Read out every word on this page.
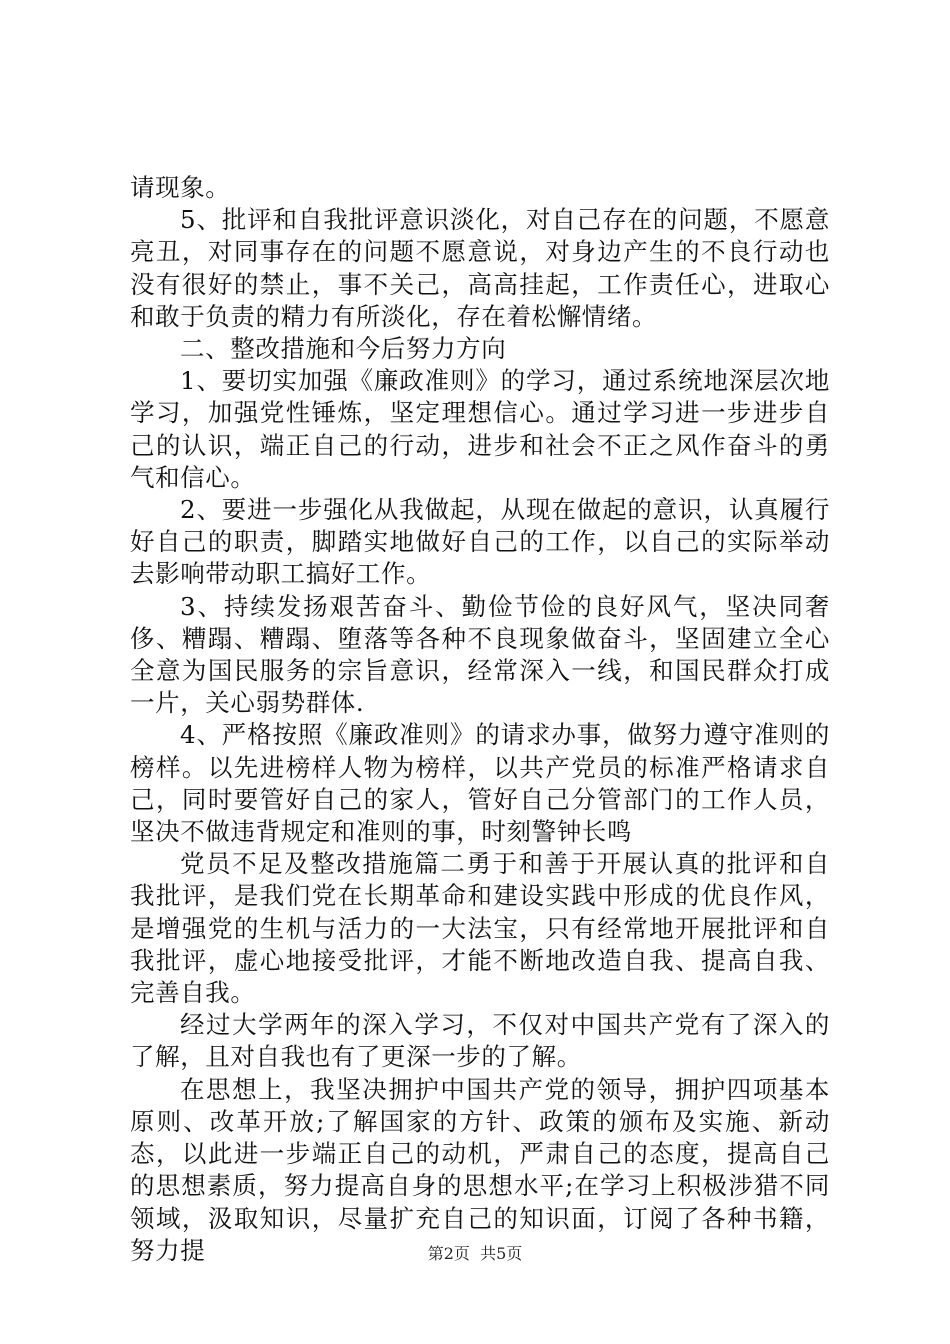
请现象。

5、批评和自我批评意识淡化，对自己存在的问题，不愿意亮丑，对同事存在的问题不愿意说，对身边产生的不良行动也没有很好的禁止，事不关己，高高挂起，工作责任心，进取心和敢于负责的精力有所淡化，存在着松懈情绪。

二、整改措施和今后努力方向

1、要切实加强《廉政准则》的学习，通过系统地深层次地学习，加强党性锤炼，坚定理想信心。通过学习进一步进步自己的认识，端正自己的行动，进步和社会不正之风作奋斗的勇气和信心。

2、要进一步强化从我做起，从现在做起的意识，认真履行好自己的职责，脚踏实地做好自己的工作，以自己的实际举动去影响带动职工搞好工作。

3、持续发扬艰苦奋斗、勤俭节俭的良好风气，坚决同奢侈、糟蹋、糟蹋、堕落等各种不良现象做奋斗，坚固建立全心全意为国民服务的宗旨意识，经常深入一线，和国民群众打成一片，关心弱势群体.

4、严格按照《廉政准则》的请求办事，做努力遵守准则的榜样。以先进榜样人物为榜样，以共产党员的标准严格请求自己，同时要管好自己的家人，管好自己分管部门的工作人员，坚决不做违背规定和准则的事，时刻警钟长鸣

党员不足及整改措施篇二勇于和善于开展认真的批评和自我批评，是我们党在长期革命和建设实践中形成的优良作风，是增强党的生机与活力的一大法宝，只有经常地开展批评和自我批评，虚心地接受批评，才能不断地改造自我、提高自我、完善自我。

经过大学两年的深入学习，不仅对中国共产党有了深入的了解，且对自我也有了更深一步的了解。

在思想上，我坚决拥护中国共产党的领导，拥护四项基本原则、改革开放;了解国家的方针、政策的颁布及实施、新动态，以此进一步端正自己的动机，严肃自己的态度，提高自己的思想素质，努力提高自身的思想水平;在学习上积极涉猎不同领域，汲取知识，尽量扩充自己的知识面，订阅了各种书籍，努力提	第2页 共5页
